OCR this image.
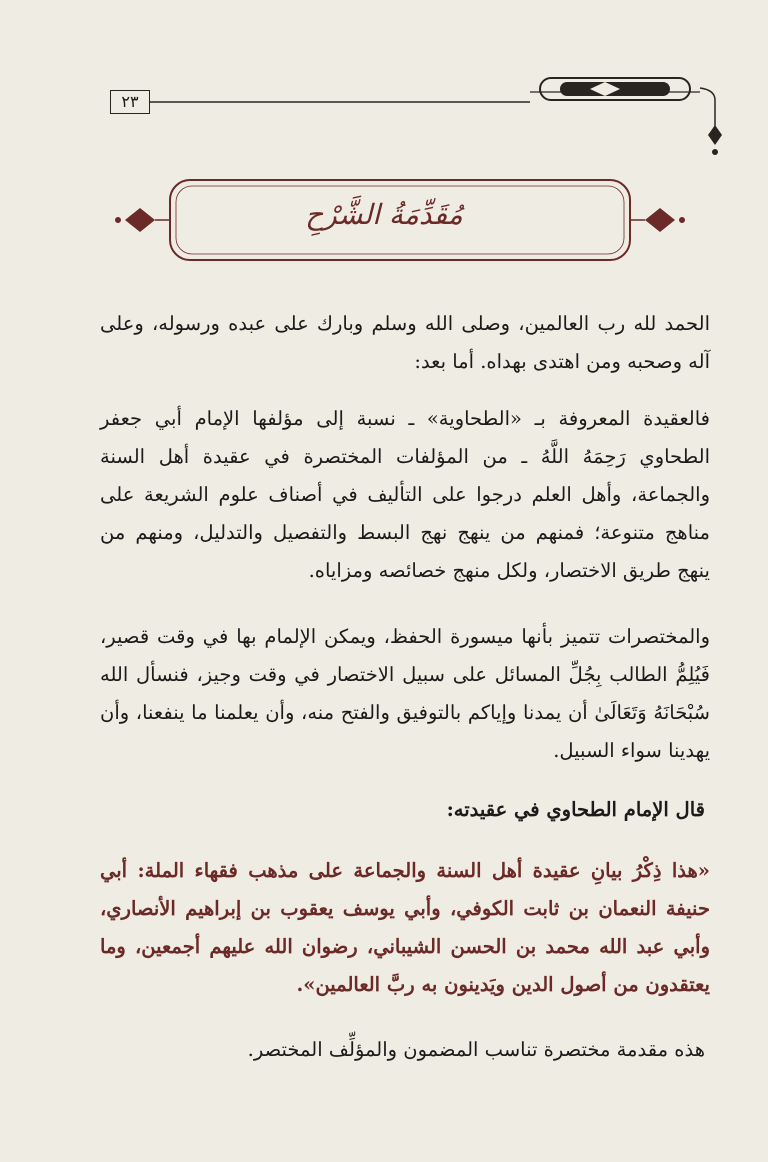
٢٣
مُقَدِّمَةُ الشَّرْحِ

الحمد لله رب العالمين، وصلى الله وسلم وبارك على عبده ورسوله، وعلى آله وصحبه ومن اهتدى بهداه. أما بعد:

فالعقيدة المعروفة بـ «الطحاوية» ـ نسبة إلى مؤلفها الإمام أبي جعفر الطحاوي رَحِمَهُ اللَّهُ ـ من المؤلفات المختصرة في عقيدة أهل السنة والجماعة، وأهل العلم درجوا على التأليف في أصناف علوم الشريعة على مناهج متنوعة؛ فمنهم من ينهج نهج البسط والتفصيل والتدليل، ومنهم من ينهج طريق الاختصار، ولكل منهج خصائصه ومزاياه.

والمختصرات تتميز بأنها ميسورة الحفظ، ويمكن الإلمام بها في وقت قصير، فَيُلِمُّ الطالب بِجُلِّ المسائل على سبيل الاختصار في وقت وجيز، فنسأل الله سُبْحَانَهُ وَتَعَالَىٰ أن يمدنا وإياكم بالتوفيق والفتح منه، وأن يعلمنا ما ينفعنا، وأن يهدينا سواء السبيل.

قال الإمام الطحاوي في عقيدته:

«هذا ذِكْرُ بيانِ عقيدة أهل السنة والجماعة على مذهب فقهاء الملة: أبي حنيفة النعمان بن ثابت الكوفي، وأبي يوسف يعقوب بن إبراهيم الأنصاري، وأبي عبد الله محمد بن الحسن الشيباني، رضوان الله عليهم أجمعين، وما يعتقدون من أصول الدين ويَدينون به ربَّ العالمين».

هذه مقدمة مختصرة تناسب المضمون والمؤلِّف المختصر.
